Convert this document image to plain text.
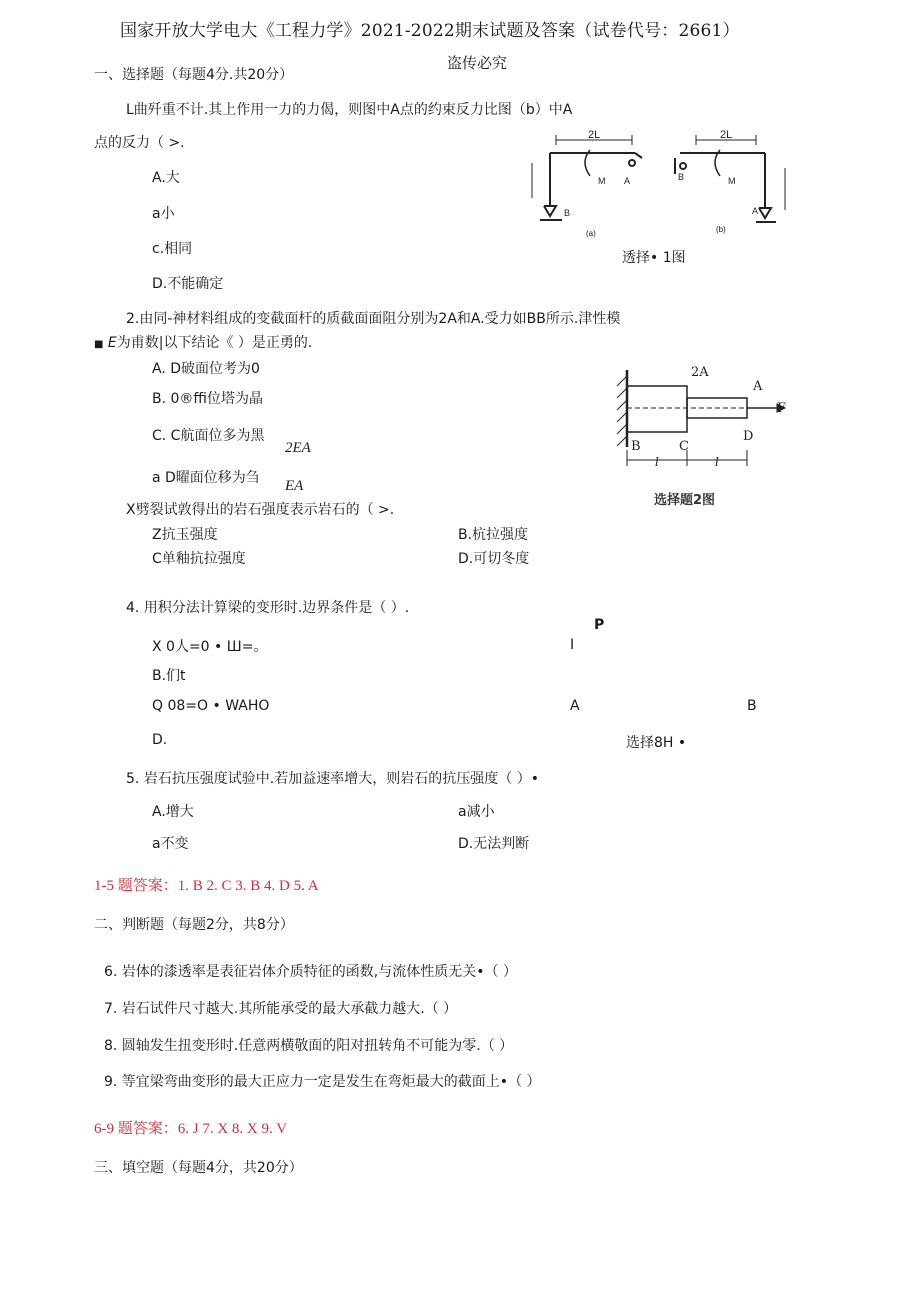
国家开放大学电大《工程力学》2021-2022期末试题及答案（试卷代号：2661）
盗传必究
一、选择题（每题4分.共20分）
L曲歼重不计.其上作用一力的力偈，则图中A点的约束反力比图（b）中A
点的反力（ >.
A.大
a小
c.相同
D.不能确定
2L	2L
M	M
A
A
B
B
(a)	(b)
透择• 1图
2.由同-神材料组成的变截面杆的质截面面阻分别为2A和A.受力如BB所示.津性模
■ E为甫数|以下结论《 ）是正勇的.
A. D破面位考为0
B. 0®ffi位塔为晶
C. C航面位多为黑
2EA
a D曜面位移为刍 EA
2A
A
F
B	C
D
l	l
选择题2图
X劈裂试敦得出的岩石强度表示岩石的（ >.
Z抗玉强度	B.杭拉强度
C单釉抗拉强度	D.可切冬度
4. 用积分法计算梁的变形时.边界条件是（ ）.
P
X 0人=0 • Ш=。	I
B.们t
Q 08=O • WAHO	A	B
D.	选择8H •
5. 岩石抗压强度试验中.若加益速率增大，则岩石的抗压强度（ ）•
A.增大	a减小
a不变	D.无法判断
1-5 题答案：1. B 2. C 3. B 4. D 5. A
二、判断题（每题2分，共8分）
6. 岩体的漆透率是表征岩体介质特征的函数,与流体性质无关•（ ）
7. 岩石试件尺寸越大.其所能承受的最大承截力越大.（ ）
8. 圆轴发生扭变形时.任意两横敬面的阳对扭转角不可能为零.（ ）
9. 等宜梁弯曲变形的最大正应力一定是发生在弯炬最大的截面上•（ ）
6-9 题答案：6. J 7. X 8. X 9. V
三、填空题（每题4分，共20分）
